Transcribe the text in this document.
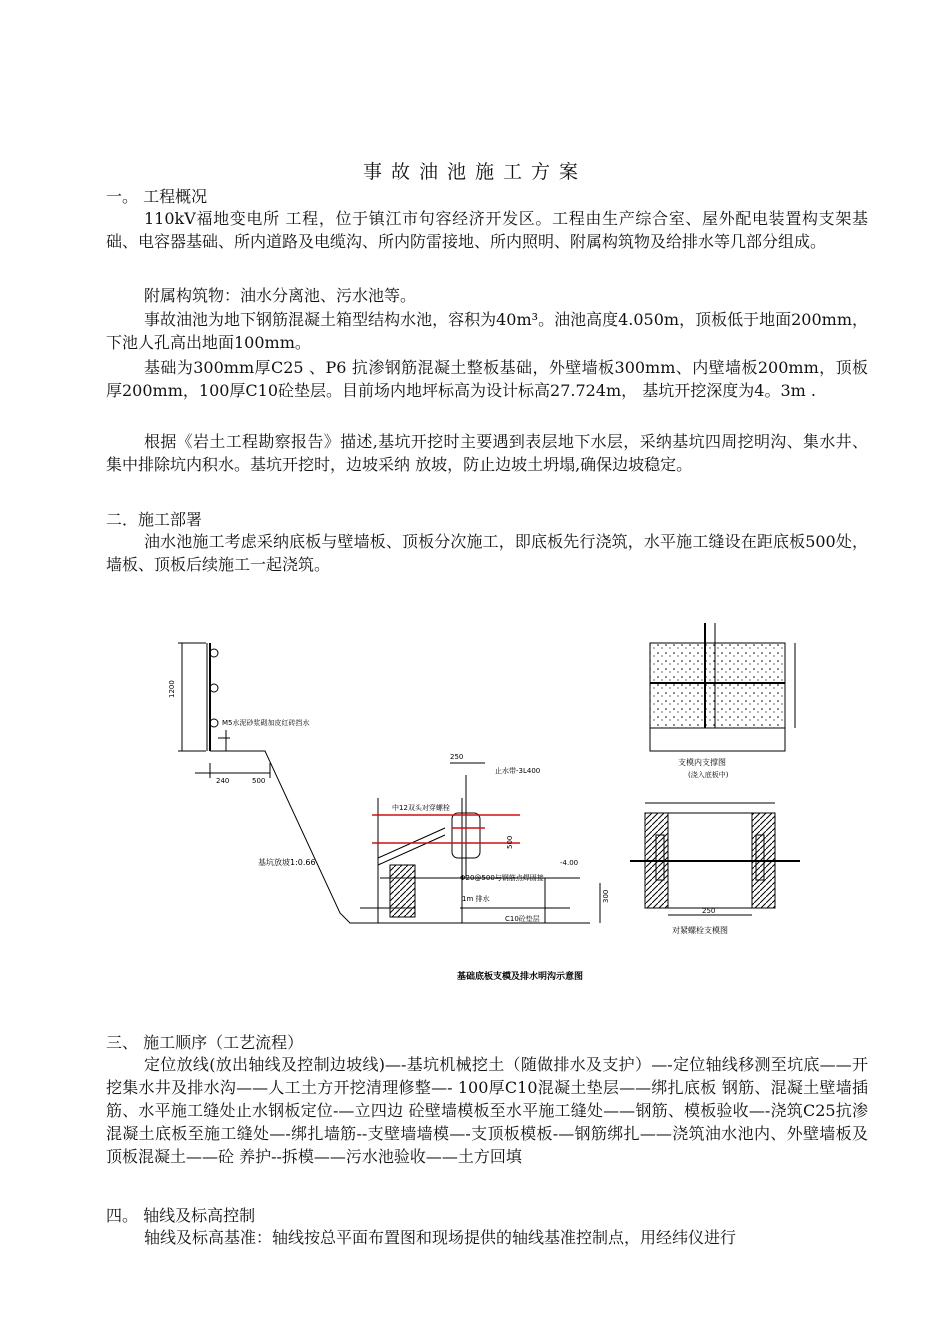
事故油池施工方案
一。 工程概况

110kV福地变电所 工程，位于镇江市句容经济开发区。工程由生产综合室、屋外配电装置构支架基础、电容器基础、所内道路及电缆沟、所内防雷接地、所内照明、附属构筑物及给排水等几部分组成。

附属构筑物：油水分离池、污水池等。

事故油池为地下钢筋混凝土箱型结构水池，容积为40m³。油池高度4.050m，顶板低于地面200mm，下池人孔高出地面100mm。

基础为300mm厚C25 、P6 抗渗钢筋混凝土整板基础，外壁墙板300mm、内壁墙板200mm，顶板厚200mm，100厚C10砼垫层。目前场内地坪标高为设计标高27.724m， 基坑开挖深度为4。3m .

根据《岩土工程勘察报告》描述,基坑开挖时主要遇到表层地下水层，采纳基坑四周挖明沟、集水井、集中排除坑内积水。基坑开挖时，边坡采纳 放坡，防止边坡土坍塌,确保边坡稳定。

二．施工部署

油水池施工考虑采纳底板与壁墙板、顶板分次施工，即底板先行浇筑，水平施工缝设在距底板500处，墙板、顶板后续施工一起浇筑。

1200
M5水泥砂浆砌加皮红砖挡水
240	500
基坑放坡1:0.66
250
止水带-3L400
中12双头对穿螺栓
500
-4.00
Φ20@500与钢筋点焊固接
300
1m 排水
C10砼垫层
支模内支撑图
(浇入底板中)
250
对紧螺栓支模图
基础底板支模及排水明沟示意图
三、 施工顺序（工艺流程）

定位放线(放出轴线及控制边坡线)—-基坑机械挖土（随做排水及支护）—-定位轴线移测至坑底——开挖集水井及排水沟——人工土方开挖清理修整—- 100厚C10混凝土垫层——绑扎底板 钢筋、混凝土壁墙插筋、水平施工缝处止水钢板定位-—立四边 砼壁墙模板至水平施工缝处——钢筋、模板验收—-浇筑C25抗渗混凝土底板至施工缝处—-绑扎墙筋--支壁墙墙模—-支顶板模板-—钢筋绑扎——浇筑油水池内、外壁墙板及顶板混凝土——砼 养护--拆模——污水池验收——土方回填

四。 轴线及标高控制

轴线及标高基准：轴线按总平面布置图和现场提供的轴线基准控制点，用经纬仪进行
